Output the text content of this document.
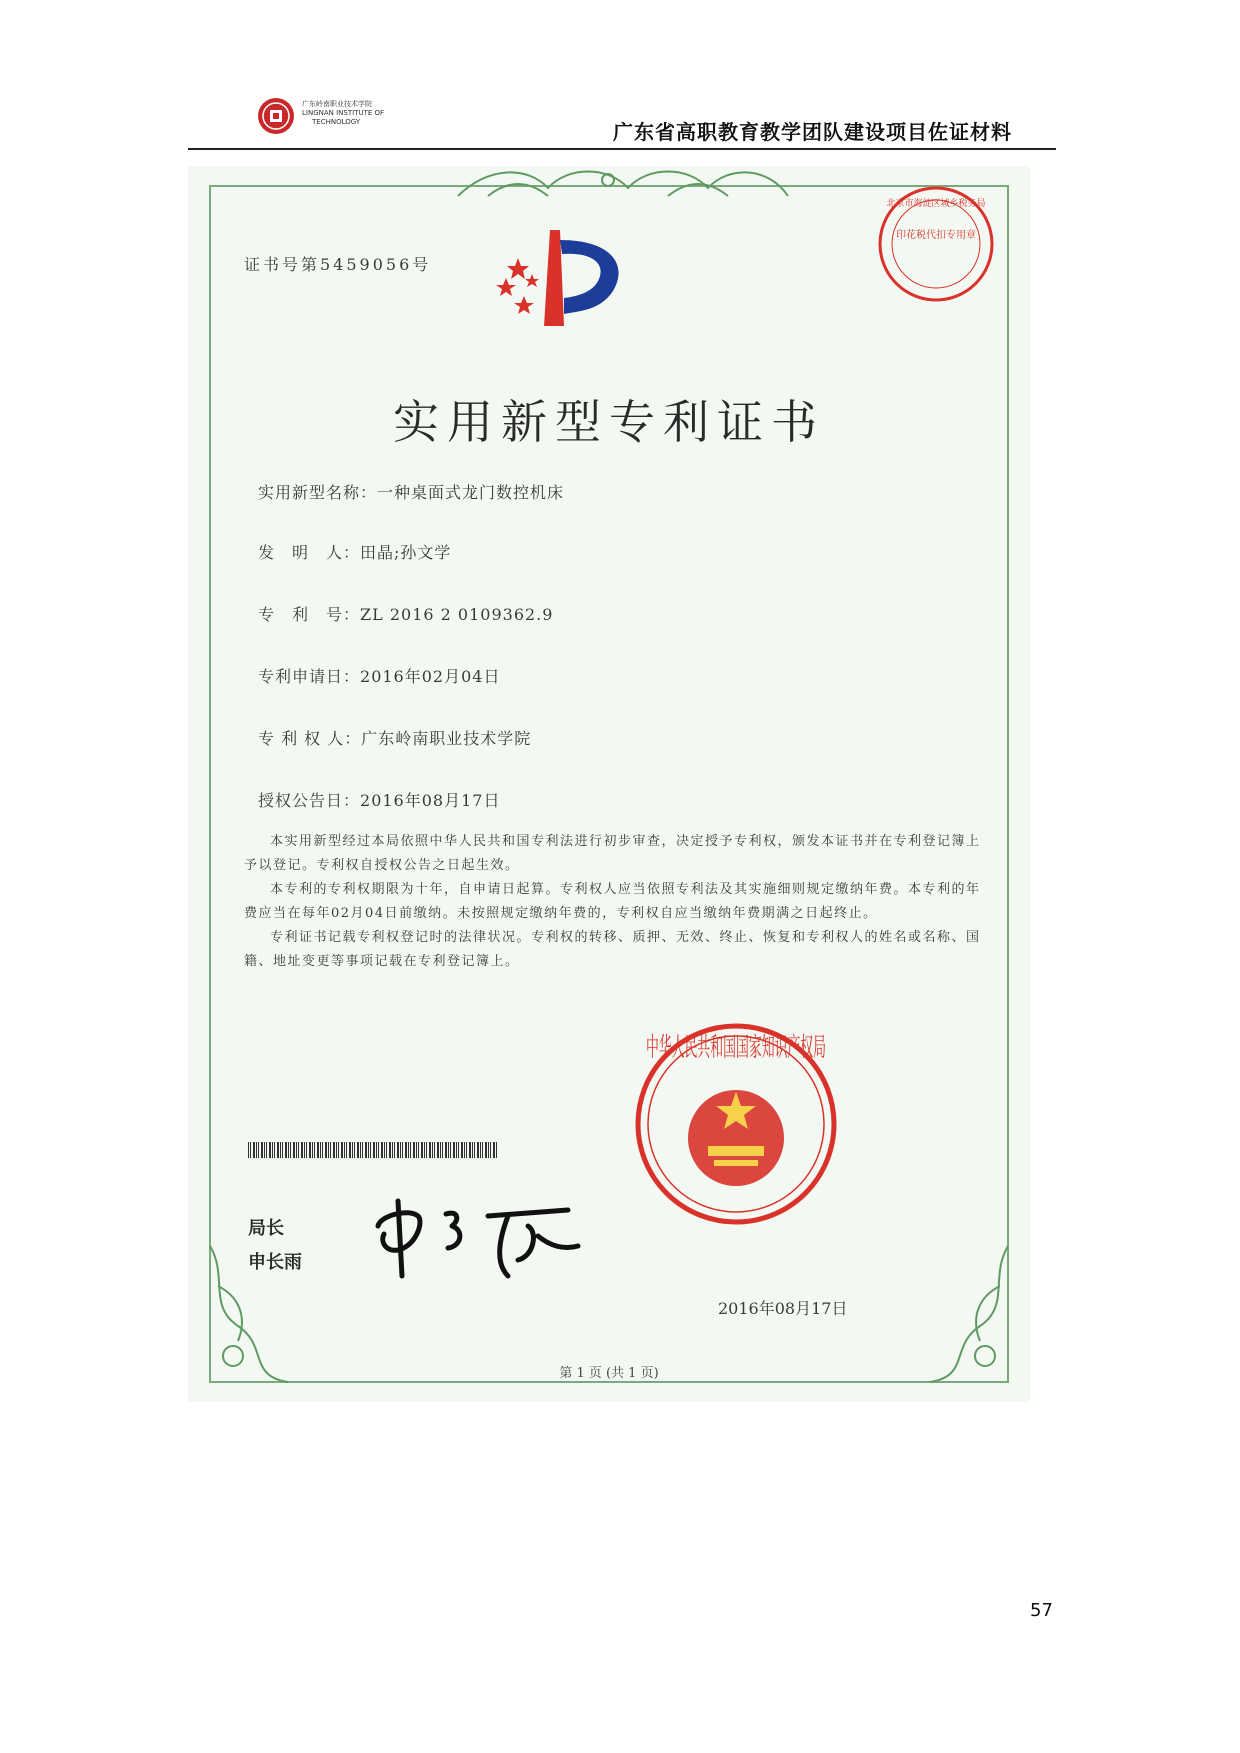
广东岭南职业技术学院
LINGNAN INSTITUTE OF
TECHNOLOGY	广东省高职教育教学团队建设项目佐证材料
印花税代扣专用章
北京市海淀区城乡税务局
中华人民共和国国家知识产权局
证书号第5459056号
实用新型专利证书
实用新型名称：一种桌面式龙门数控机床
发　明　人：田晶;孙文学
专　利　号：ZL 2016 2 0109362.9
专利申请日：2016年02月04日
专 利 权 人：广东岭南职业技术学院
授权公告日：2016年08月17日

本实用新型经过本局依照中华人民共和国专利法进行初步审查，决定授予专利权，颁发本证书并在专利登记簿上予以登记。专利权自授权公告之日起生效。

本专利的专利权期限为十年，自申请日起算。专利权人应当依照专利法及其实施细则规定缴纳年费。本专利的年费应当在每年02月04日前缴纳。未按照规定缴纳年费的，专利权自应当缴纳年费期满之日起终止。

专利证书记载专利权登记时的法律状况。专利权的转移、质押、无效、终止、恢复和专利权人的姓名或名称、国籍、地址变更等事项记载在专利登记簿上。

局长
申长雨
2016年08月17日
第 1 页 (共 1 页)
57
